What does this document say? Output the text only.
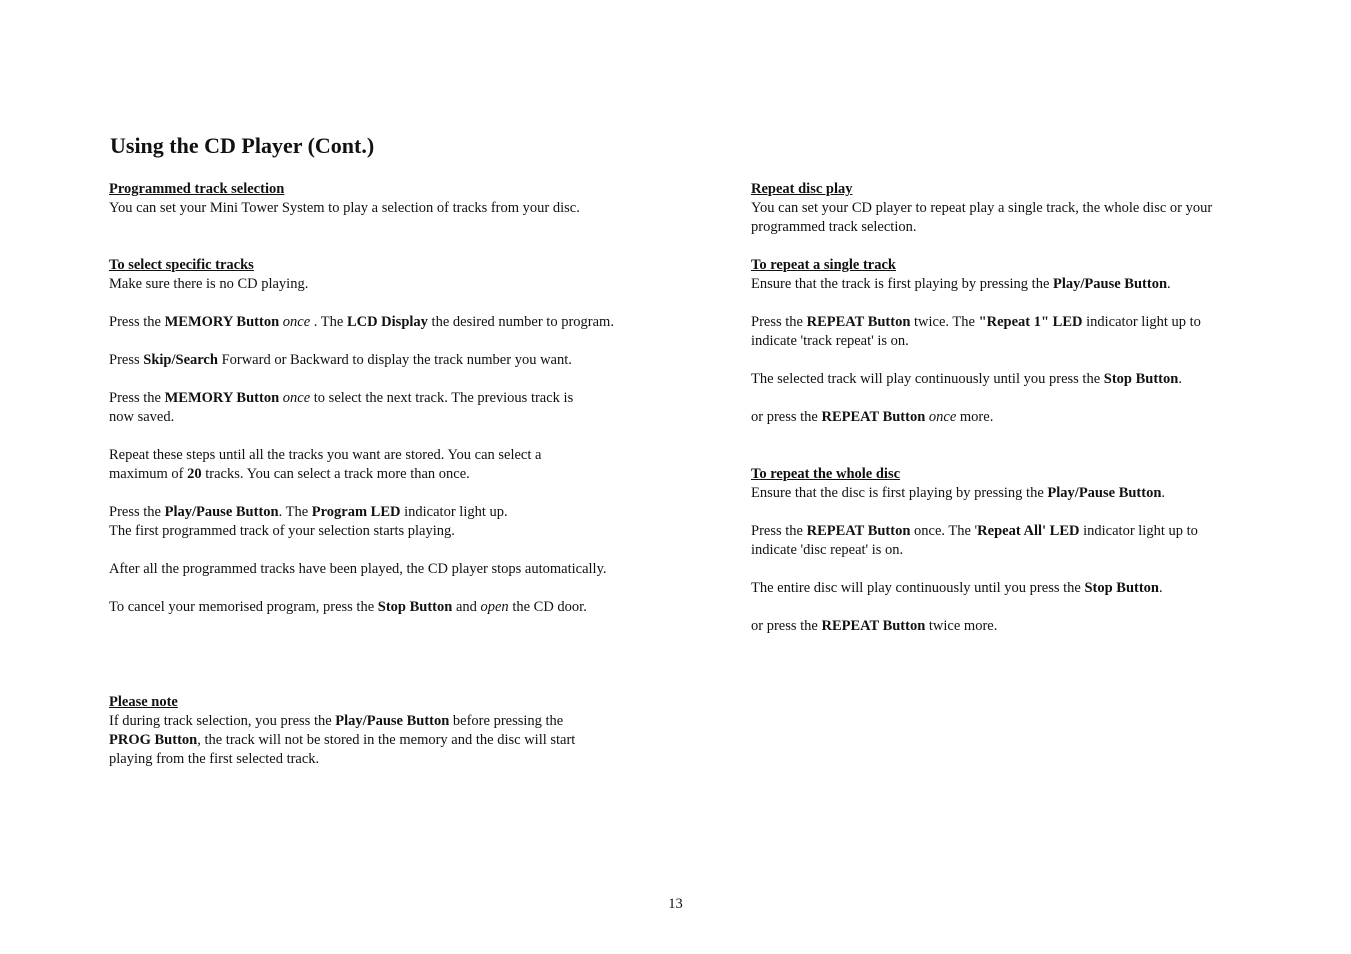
Using the CD Player (Cont.)

Programmed track selection

You can set your Mini Tower System to play a selection of tracks from your disc.

To select specific tracks

Make sure there is no CD playing.

Press the MEMORY Button once . The LCD Display the desired number to program.

Press Skip/Search Forward or Backward to display the track number you want.

Press the MEMORY Button once to select the next track. The previous track is
now saved.

Repeat these steps until all the tracks you want are stored. You can select a
maximum of 20 tracks. You can select a track more than once.

Press the Play/Pause Button. The Program LED indicator light up.
The first programmed track of your selection starts playing.

After all the programmed tracks have been played, the CD player stops automatically.

To cancel your memorised program, press the Stop Button and open the CD door.

Please note

If during track selection, you press the Play/Pause Button before pressing the
PROG Button, the track will not be stored in the memory and the disc will start
playing from the first selected track.

Repeat disc play

You can set your CD player to repeat play a single track, the whole disc or your
programmed track selection.

To repeat a single track

Ensure that the track is first playing by pressing the Play/Pause Button.

Press the REPEAT Button twice. The "Repeat 1" LED indicator light up to
indicate 'track repeat' is on.

The selected track will play continuously until you press the Stop Button.

or press the REPEAT Button once more.

To repeat the whole disc

Ensure that the disc is first playing by pressing the Play/Pause Button.

Press the REPEAT Button once. The 'Repeat All' LED indicator light up to
indicate 'disc repeat' is on.

The entire disc will play continuously until you press the Stop Button.

or press the REPEAT Button twice more.

13
